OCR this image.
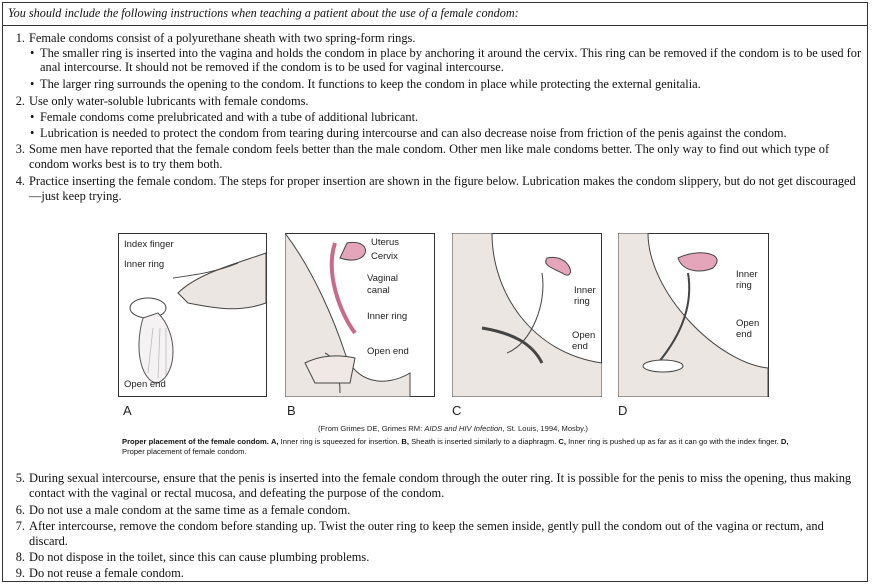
You should include the following instructions when teaching a patient about the use of a female condom:
1. Female condoms consist of a polyurethane sheath with two spring-form rings.
• The smaller ring is inserted into the vagina and holds the condom in place by anchoring it around the cervix. This ring can be removed if the condom is to be used for
anal intercourse. It should not be removed if the condom is to be used for vaginal intercourse.
• The larger ring surrounds the opening to the condom. It functions to keep the condom in place while protecting the external genitalia.
2. Use only water-soluble lubricants with female condoms.
• Female condoms come prelubricated and with a tube of additional lubricant.
• Lubrication is needed to protect the condom from tearing during intercourse and can also decrease noise from friction of the penis against the condom.
3. Some men have reported that the female condom feels better than the male condom. Other men like male condoms better. The only way to find out which type of
condom works best is to try them both.
4. Practice inserting the female condom. The steps for proper insertion are shown in the figure below. Lubrication makes the condom slippery, but do not get discouraged
—just keep trying.
Index finger
Inner ring
Open end
A
Uterus
Cervix
Vaginal
canal
Inner ring
Open end
B
Inner
ring
Open
end
C
Inner
ring
Open
end
D
(From Grimes DE, Grimes RM: AIDS and HIV Infection, St. Louis, 1994, Mosby.)
Proper placement of the female condom. A, Inner ring is squeezed for insertion. B, Sheath is inserted similarly to a diaphragm. C, Inner ring is pushed up as far as it can go with the index finger. D, Proper placement of female condom.
5. During sexual intercourse, ensure that the penis is inserted into the female condom through the outer ring. It is possible for the penis to miss the opening, thus making
contact with the vaginal or rectal mucosa, and defeating the purpose of the condom.
6. Do not use a male condom at the same time as a female condom.
7. After intercourse, remove the condom before standing up. Twist the outer ring to keep the semen inside, gently pull the condom out of the vagina or rectum, and
discard.
8. Do not dispose in the toilet, since this can cause plumbing problems.
9. Do not reuse a female condom.
